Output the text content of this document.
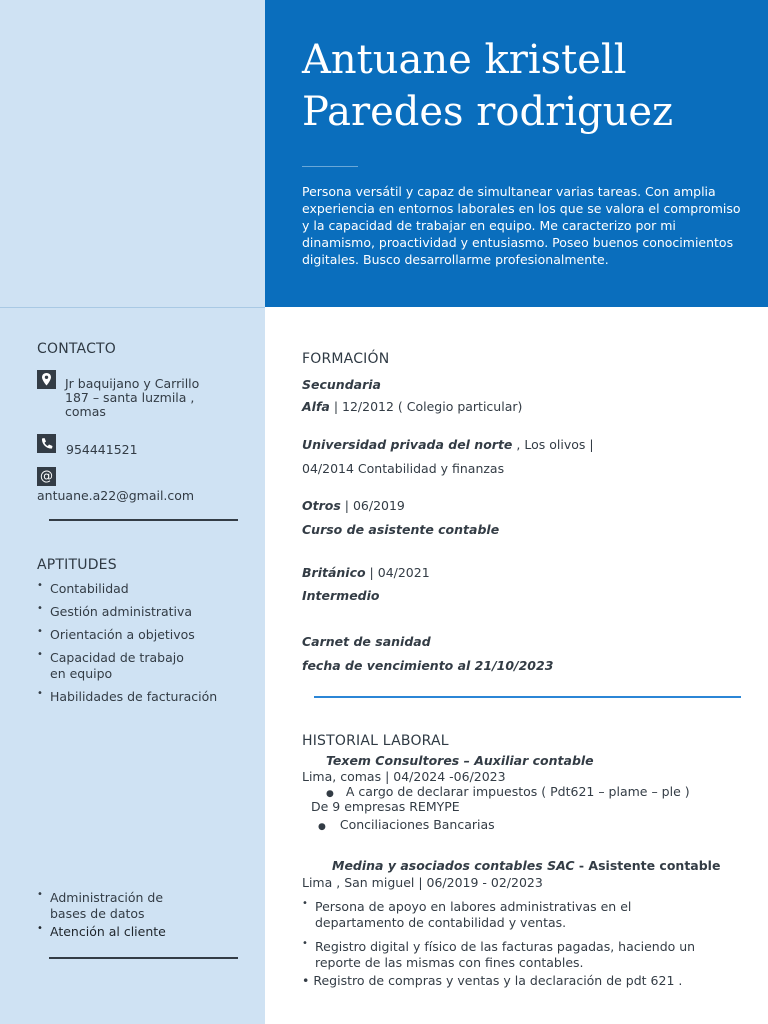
Antuane kristell
Paredes rodriguez

Persona versátil y capaz de simultanear varias tareas. Con amplia experiencia en entornos laborales en los que se valora el compromiso y la capacidad de trabajar en equipo. Me caracterizo por mi dinamismo, proactividad y entusiasmo. Poseo buenos conocimientos digitales. Busco desarrollarme profesionalmente.

CONTACTO
Jr baquijano y Carrillo
187 – santa luzmila ,
comas
954441521
@
antuane.a22@gmail.com
APTITUDES
• Contabilidad
• Gestión administrativa
• Orientación a objetivos
• Capacidad de trabajo
en equipo
• Habilidades de facturación
• Administración de
bases de datos
• Atención al cliente
FORMACIÓN
Secundaria
Alfa | 12/2012 ( Colegio particular)
Universidad privada del norte , Los olivos |
04/2014 Contabilidad y finanzas
Otros | 06/2019
Curso de asistente contable
Británico | 04/2021
Intermedio
Carnet de sanidad
fecha de vencimiento al 21/10/2023
HISTORIAL LABORAL
Texem Consultores – Auxiliar contable
Lima, comas | 04/2024 -06/2023
● A cargo de declarar impuestos ( Pdt621 – plame – ple )
De 9 empresas REMYPE
● Conciliaciones Bancarias
Medina y asociados contables SAC - Asistente contable
Lima , San miguel | 06/2019 - 02/2023
• Persona de apoyo en labores administrativas en el
departamento de contabilidad y ventas.
• Registro digital y físico de las facturas pagadas, haciendo un
reporte de las mismas con fines contables.
• Registro de compras y ventas y la declaración de pdt 621 .
